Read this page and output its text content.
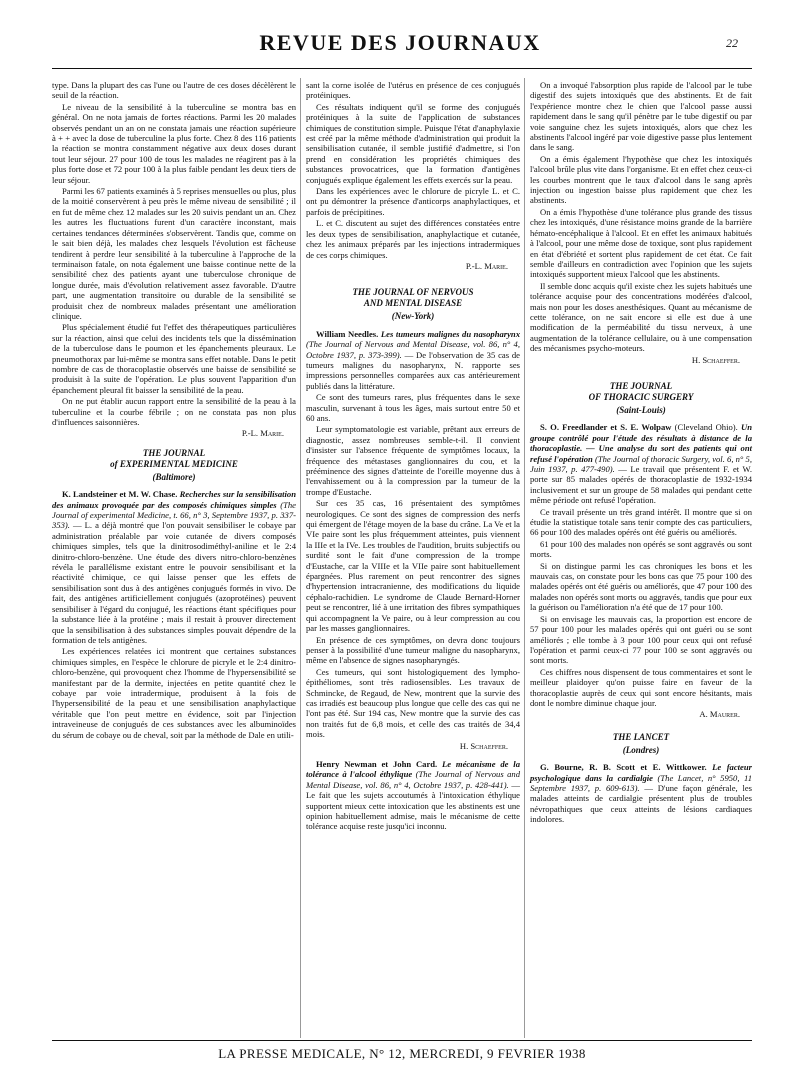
REVUE DES JOURNAUX	22

type. Dans la plupart des cas l'une ou l'autre de ces doses décèlèrent le seuil de la réaction.

Le niveau de la sensibilité à la tuberculine se montra bas en général. On ne nota jamais de fortes réactions. Parmi les 20 malades observés pendant un an on ne constata jamais une réaction supérieure à + + avec la dose de tuberculine la plus forte. Chez 8 des 116 patients la réaction se montra constamment négative aux deux doses durant tout leur séjour. 27 pour 100 de tous les malades ne réagirent pas à la plus forte dose et 72 pour 100 à la plus faible pendant les deux tiers de leur séjour.

Parmi les 67 patients examinés à 5 reprises mensuelles ou plus, plus de la moitié conservèrent à peu près le même niveau de sensibilité ; il en fut de même chez 12 malades sur les 20 suivis pendant un an. Chez les autres les fluctuations furent d'un caractère inconstant, mais certaines tendances déterminées s'observèrent. Tandis que, comme on le sait bien déjà, les malades chez lesquels l'évolution est fâcheuse tendirent à perdre leur sensibilité à la tuberculine à l'approche de la terminaison fatale, on nota également une baisse continue nette de la sensibilité chez des patients ayant une tuberculose chronique de longue durée, mais d'évolution relativement assez favorable. D'autre part, une augmentation transitoire ou durable de la sensibilité se produisit chez de nombreux malades présentant une amélioration clinique.

Plus spécialement étudié fut l'effet des thérapeutiques particulières sur la réaction, ainsi que celui des incidents tels que la dissémination de la tuberculose dans le poumon et les épanchements pleuraux. Le pneumothorax par lui-même se montra sans effet notable. Dans le petit nombre de cas de thoracoplastie observés une baisse de sensibilité se produisit à la suite de l'opération. Le plus souvent l'apparition d'un épanchement pleural fit baisser la sensibilité de la peau.

On ne put établir aucun rapport entre la sensibilité de la peau à la tuberculine et la courbe fébrile ; on ne constata pas non plus d'influences saisonnières.

P.-L. Marie.
THE JOURNAL
of EXPERIMENTAL MEDICINE
(Baltimore)

K. Landsteiner et M. W. Chase. Recherches sur la sensibilisation des animaux provoquée par des composés chimiques simples (The Journal of experimental Medicine, t. 66, n° 3, Septembre 1937, p. 337-353). — L. a déjà montré que l'on pouvait sensibiliser le cobaye par administration préalable par voie cutanée de divers composés chimiques simples, tels que la dinitrosodiméthyl-aniline et le 2:4 dinitro-chloro-benzène. Une étude des divers nitro-chloro-benzènes révéla le parallélisme existant entre le pouvoir sensibilisant et la réactivité chimique, ce qui laisse penser que les effets de sensibilisation sont dus à des antigènes conjugués formés in vivo. De fait, des antigènes artificiellement conjugués (azoprotéines) peuvent sensibiliser à l'égard du conjugué, les réactions étant spécifiques pour la substance liée à la protéine ; mais il restait à prouver directement que la sensibilisation à des substances simples pouvait dépendre de la formation de tels antigènes.

Les expériences relatées ici montrent que certaines substances chimiques simples, en l'espèce le chlorure de picryle et le 2:4 dinitro-chloro-benzène, qui provoquent chez l'homme de l'hypersensibilité se manifestant par de la dermite, injectées en petite quantité chez le cobaye par voie intradermique, produisent à la fois de l'hypersensibilité de la peau et une sensibilisation anaphylactique véritable que l'on peut mettre en évidence, soit par l'injection intraveineuse de conjugués de ces substances avec les albuminoïdes du sérum de cobaye ou de cheval, soit par la méthode de Dale en utili-

sant la corne isolée de l'utérus en présence de ces conjugués protéiniques.

Ces résultats indiquent qu'il se forme des conjugués protéiniques à la suite de l'application de substances chimiques de constitution simple. Puisque l'état d'anaphylaxie est créé par la même méthode d'administration qui produit la sensibilisation cutanée, il semble justifié d'admettre, si l'on prend en considération les propriétés chimiques des substances provocatrices, que la formation d'antigènes conjugués explique également les effets exercés sur la peau.

Dans les expériences avec le chlorure de picryle L. et C. ont pu démontrer la présence d'anticorps anaphylactiques, et parfois de précipitines.

L. et C. discutent au sujet des différences constatées entre les deux types de sensibilisation, anaphylactique et cutanée, chez les animaux préparés par les injections intradermiques de ces corps chimiques.

P.-L. Marie.
THE JOURNAL OF NERVOUS
AND MENTAL DISEASE
(New-York)

William Needles. Les tumeurs malignes du nasopharynx (The Journal of Nervous and Mental Disease, vol. 86, n° 4, Octobre 1937, p. 373-399). — De l'observation de 35 cas de tumeurs malignes du nasopharynx, N. rapporte ses impressions personnelles comparées aux cas antérieurement publiés dans la littérature.

Ce sont des tumeurs rares, plus fréquentes dans le sexe masculin, survenant à tous les âges, mais surtout entre 50 et 60 ans.

Leur symptomatologie est variable, prêtant aux erreurs de diagnostic, assez nombreuses semble-t-il. Il convient d'insister sur l'absence fréquente de symptômes locaux, la fréquence des métastases ganglionnaires du cou, et la prééminence des signes d'atteinte de l'oreille moyenne dus à l'envahissement ou à la compression par la tumeur de la trompe d'Eustache.

Sur ces 35 cas, 16 présentaient des symptômes neurologiques. Ce sont des signes de compression des nerfs qui émergent de l'étage moyen de la base du crâne. La Ve et la VIe paire sont les plus fréquemment atteintes, puis viennent la IIIe et la IVe. Les troubles de l'audition, bruits subjectifs ou surdité sont le fait d'une compression de la trompe d'Eustache, car la VIIIe et la VIIe paire sont habituellement épargnées. Plus rarement on peut rencontrer des signes d'hypertension intracranienne, des modifications du liquide céphalo-rachidien. Le syndrome de Claude Bernard-Horner peut se rencontrer, lié à une irritation des fibres sympathiques qui accompagnent la Ve paire, ou à leur compression au cou par les masses ganglionnaires.

En présence de ces symptômes, on devra donc toujours penser à la possibilité d'une tumeur maligne du nasopharynx, même en l'absence de signes nasopharyngés.

Ces tumeurs, qui sont histologiquement des lympho-épithéliomes, sont très radiosensibles. Les travaux de Schmincke, de Regaud, de New, montrent que la survie des cas irradiés est beaucoup plus longue que celle des cas qui ne l'ont pas été. Sur 194 cas, New montre que la survie des cas non traités fut de 6,8 mois, et celle des cas traités de 34,4 mois.

H. Schaeffer.

Henry Newman et John Card. Le mécanisme de la tolérance à l'alcool éthylique (The Journal of Nervous and Mental Disease, vol. 86, n° 4, Octobre 1937, p. 428-441). — Le fait que les sujets accoutumés à l'intoxication éthylique supportent mieux cette intoxication que les abstinents est une opinion habituellement admise, mais le mécanisme de cette tolérance acquise reste jusqu'ici inconnu.

On a invoqué l'absorption plus rapide de l'alcool par le tube digestif des sujets intoxiqués que des abstinents. Et de fait l'expérience montre chez le chien que l'alcool passe aussi rapidement dans le sang qu'il pénètre par le tube digestif ou par voie sanguine chez les sujets intoxiqués, alors que chez les abstinents l'alcool ingéré par voie digestive passe plus lentement dans le sang.

On a émis également l'hypothèse que chez les intoxiqués l'alcool brûle plus vite dans l'organisme. Et en effet chez ceux-ci les courbes montrent que le taux d'alcool dans le sang après injection ou ingestion baisse plus rapidement que chez les abstinents.

On a émis l'hypothèse d'une tolérance plus grande des tissus chez les intoxiqués, d'une résistance moins grande de la barrière hémato-encéphalique à l'alcool. Et en effet les animaux habitués à l'alcool, pour une même dose de toxique, sont plus rapidement en état d'ébriété et sortent plus rapidement de cet état. Ce fait semble d'ailleurs en contradiction avec l'opinion que les sujets intoxiqués supportent mieux l'alcool que les abstinents.

Il semble donc acquis qu'il existe chez les sujets habitués une tolérance acquise pour des concentrations modérées d'alcool, mais non pour les doses anesthésiques. Quant au mécanisme de cette tolérance, on ne sait encore si elle est due à une modification de la perméabilité du tissu nerveux, à une augmentation de la tolérance cellulaire, ou à une compensation des mécanismes psycho-moteurs.

H. Schaeffer.
THE JOURNAL
OF THORACIC SURGERY
(Saint-Louis)

S. O. Freedlander et S. E. Wolpaw (Cleveland Ohio). Un groupe contrôlé pour l'étude des résultats à distance de la thoracoplastie. — Une analyse du sort des patients qui ont refusé l'opération (The Journal of thoracic Surgery, vol. 6, n° 5, Juin 1937, p. 477-490). — Le travail que présentent F. et W. porte sur 85 malades opérés de thoracoplastie de 1932-1934 inclusivement et sur un groupe de 58 malades qui pendant cette même période ont refusé l'opération.

Ce travail présente un très grand intérêt. Il montre que si on étudie la statistique totale sans tenir compte des cas particuliers, 66 pour 100 des malades opérés ont été guéris ou améliorés.

61 pour 100 des malades non opérés se sont aggravés ou sont morts.

Si on distingue parmi les cas chroniques les bons et les mauvais cas, on constate pour les bons cas que 75 pour 100 des malades opérés ont été guéris ou améliorés, que 47 pour 100 des malades non opérés sont morts ou aggravés, tandis que pour eux la guérison ou l'amélioration n'a été que de 17 pour 100.

Si on envisage les mauvais cas, la proportion est encore de 57 pour 100 pour les malades opérés qui ont guéri ou se sont améliorés ; elle tombe à 3 pour 100 pour ceux qui ont refusé l'opération et parmi ceux-ci 77 pour 100 se sont aggravés ou sont morts.

Ces chiffres nous dispensent de tous commentaires et sont le meilleur plaidoyer qu'on puisse faire en faveur de la thoracoplastie auprès de ceux qui sont encore hésitants, mais dont le nombre diminue chaque jour.

A. Maurer.
THE LANCET
(Londres)

G. Bourne, R. B. Scott et E. Wittkower. Le facteur psychologique dans la cardialgie (The Lancet, n° 5950, 11 Septembre 1937, p. 609-613). — D'une façon générale, les malades atteints de cardialgie présentent plus de troubles névropathiques que ceux atteints de lésions cardiaques indolores.

LA PRESSE MEDICALE, N° 12, MERCREDI, 9 FEVRIER 1938
